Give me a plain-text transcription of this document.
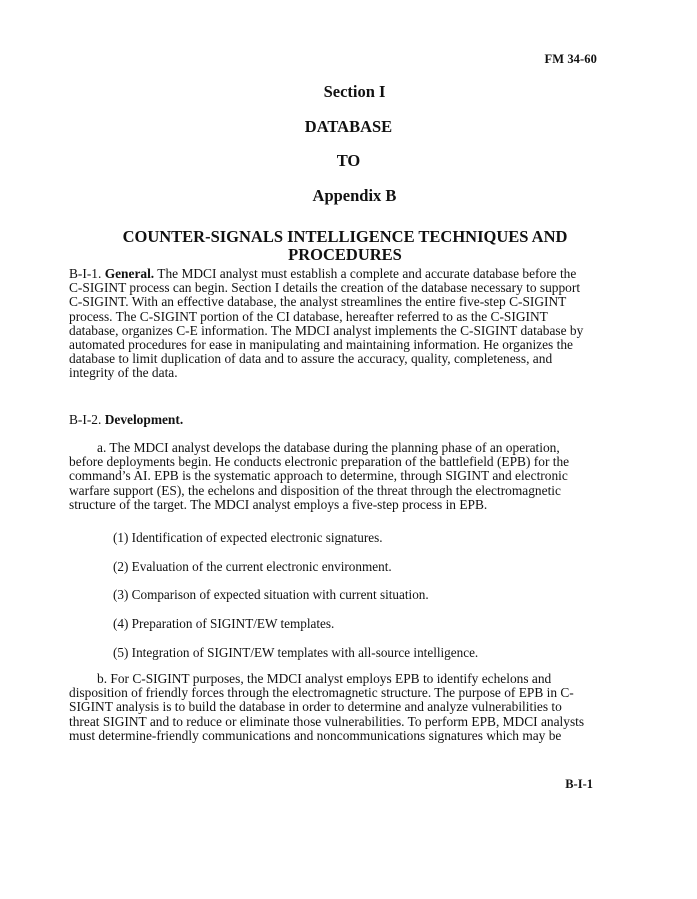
FM 34-60
Section I
DATABASE
TO
Appendix B
COUNTER-SIGNALS INTELLIGENCE TECHNIQUES AND PROCEDURES

B-I-1. General. The MDCI analyst must establish a complete and accurate database before the C-SIGINT process can begin. Section I details the creation of the database necessary to support C-SIGINT. With an effective database, the analyst streamlines the entire five-step C-SIGINT process. The C-SIGINT portion of the CI database, hereafter referred to as the C-SIGINT database, organizes C-E information. The MDCI analyst implements the C-SIGINT database by automated procedures for ease in manipulating and maintaining information. He organizes the database to limit duplication of data and to assure the accuracy, quality, completeness, and integrity of the data.

B-I-2. Development.

a. The MDCI analyst develops the database during the planning phase of an operation, before deployments begin. He conducts electronic preparation of the battlefield (EPB) for the command’s AI. EPB is the systematic approach to determine, through SIGINT and electronic warfare support (ES), the echelons and disposition of the threat through the electromagnetic structure of the target. The MDCI analyst employs a five-step process in EPB.

(1) Identification of expected electronic signatures.

(2) Evaluation of the current electronic environment.

(3) Comparison of expected situation with current situation.

(4) Preparation of SIGINT/EW templates.

(5) Integration of SIGINT/EW templates with all-source intelligence.

b. For C-SIGINT purposes, the MDCI analyst employs EPB to identify echelons and disposition of friendly forces through the electromagnetic structure. The purpose of EPB in C-SIGINT analysis is to build the database in order to determine and analyze vulnerabilities to threat SIGINT and to reduce or eliminate those vulnerabilities. To perform EPB, MDCI analysts must determine-friendly communications and noncommunications signatures which may be

B-I-1
